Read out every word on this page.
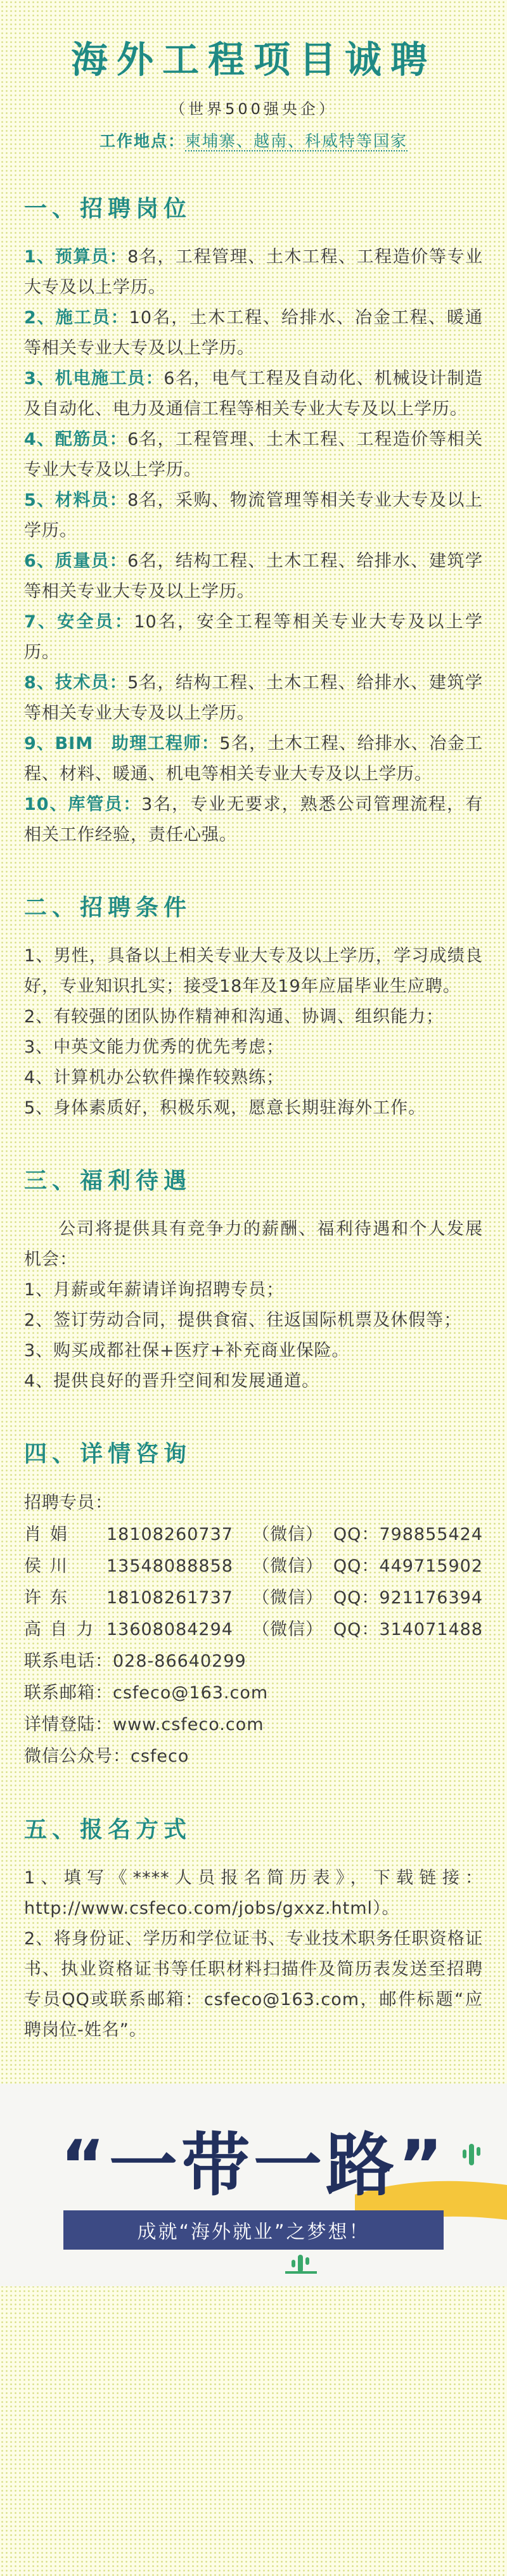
海外工程项目诚聘
（世界500强央企）
工作地点：柬埔寨、越南、科威特等国家
一、招聘岗位
1、预算员：8名，工程管理、土木工程、工程造价等专业大专及以上学历。
2、施工员：10名，土木工程、给排水、冶金工程、暖通等相关专业大专及以上学历。
3、机电施工员：6名，电气工程及自动化、机械设计制造及自动化、电力及通信工程等相关专业大专及以上学历。
4、配筋员：6名，工程管理、土木工程、工程造价等相关专业大专及以上学历。
5、材料员：8名，采购、物流管理等相关专业大专及以上学历。
6、质量员：6名，结构工程、土木工程、给排水、建筑学等相关专业大专及以上学历。
7、安全员：10名，安全工程等相关专业大专及以上学历。
8、技术员：5名，结构工程、土木工程、给排水、建筑学等相关专业大专及以上学历。
9、BIM　助理工程师：5名，土木工程、给排水、冶金工程、材料、暖通、机电等相关专业大专及以上学历。
10、库管员：3名，专业无要求，熟悉公司管理流程，有相关工作经验，责任心强。
二、招聘条件
1、男性，具备以上相关专业大专及以上学历，学习成绩良好，专业知识扎实；接受18年及19年应届毕业生应聘。
2、有较强的团队协作精神和沟通、协调、组织能力；
3、中英文能力优秀的优先考虑；
4、计算机办公软件操作较熟练；
5、身体素质好，积极乐观，愿意长期驻海外工作。
三、福利待遇
公司将提供具有竞争力的薪酬、福利待遇和个人发展机会：
1、月薪或年薪请详询招聘专员；
2、签订劳动合同，提供食宿、往返国际机票及休假等；
3、购买成都社保+医疗+补充商业保险。
4、提供良好的晋升空间和发展通道。
四、详情咨询
招聘专员：
肖娟	18108260737	（微信） QQ：798855424
侯川	13548088858	（微信） QQ：449715902
许东	18108261737	（微信） QQ：921176394
高自力 13608084294	（微信） QQ：314071488
联系电话：028-86640299
联系邮箱：csfeco@163.com
详情登陆：www.csfeco.com
微信公众号：csfeco
五、报名方式
1、填写《****人员报名简历表》，下载链接：http://www.csfeco.com/jobs/gxxz.html）。
2、将身份证、学历和学位证书、专业技术职务任职资格证书、执业资格证书等任职材料扫描件及简历表发送至招聘专员QQ或联系邮箱：csfeco@163.com，邮件标题“应聘岗位-姓名”。
“一带一路”
成就“海外就业”之梦想！
